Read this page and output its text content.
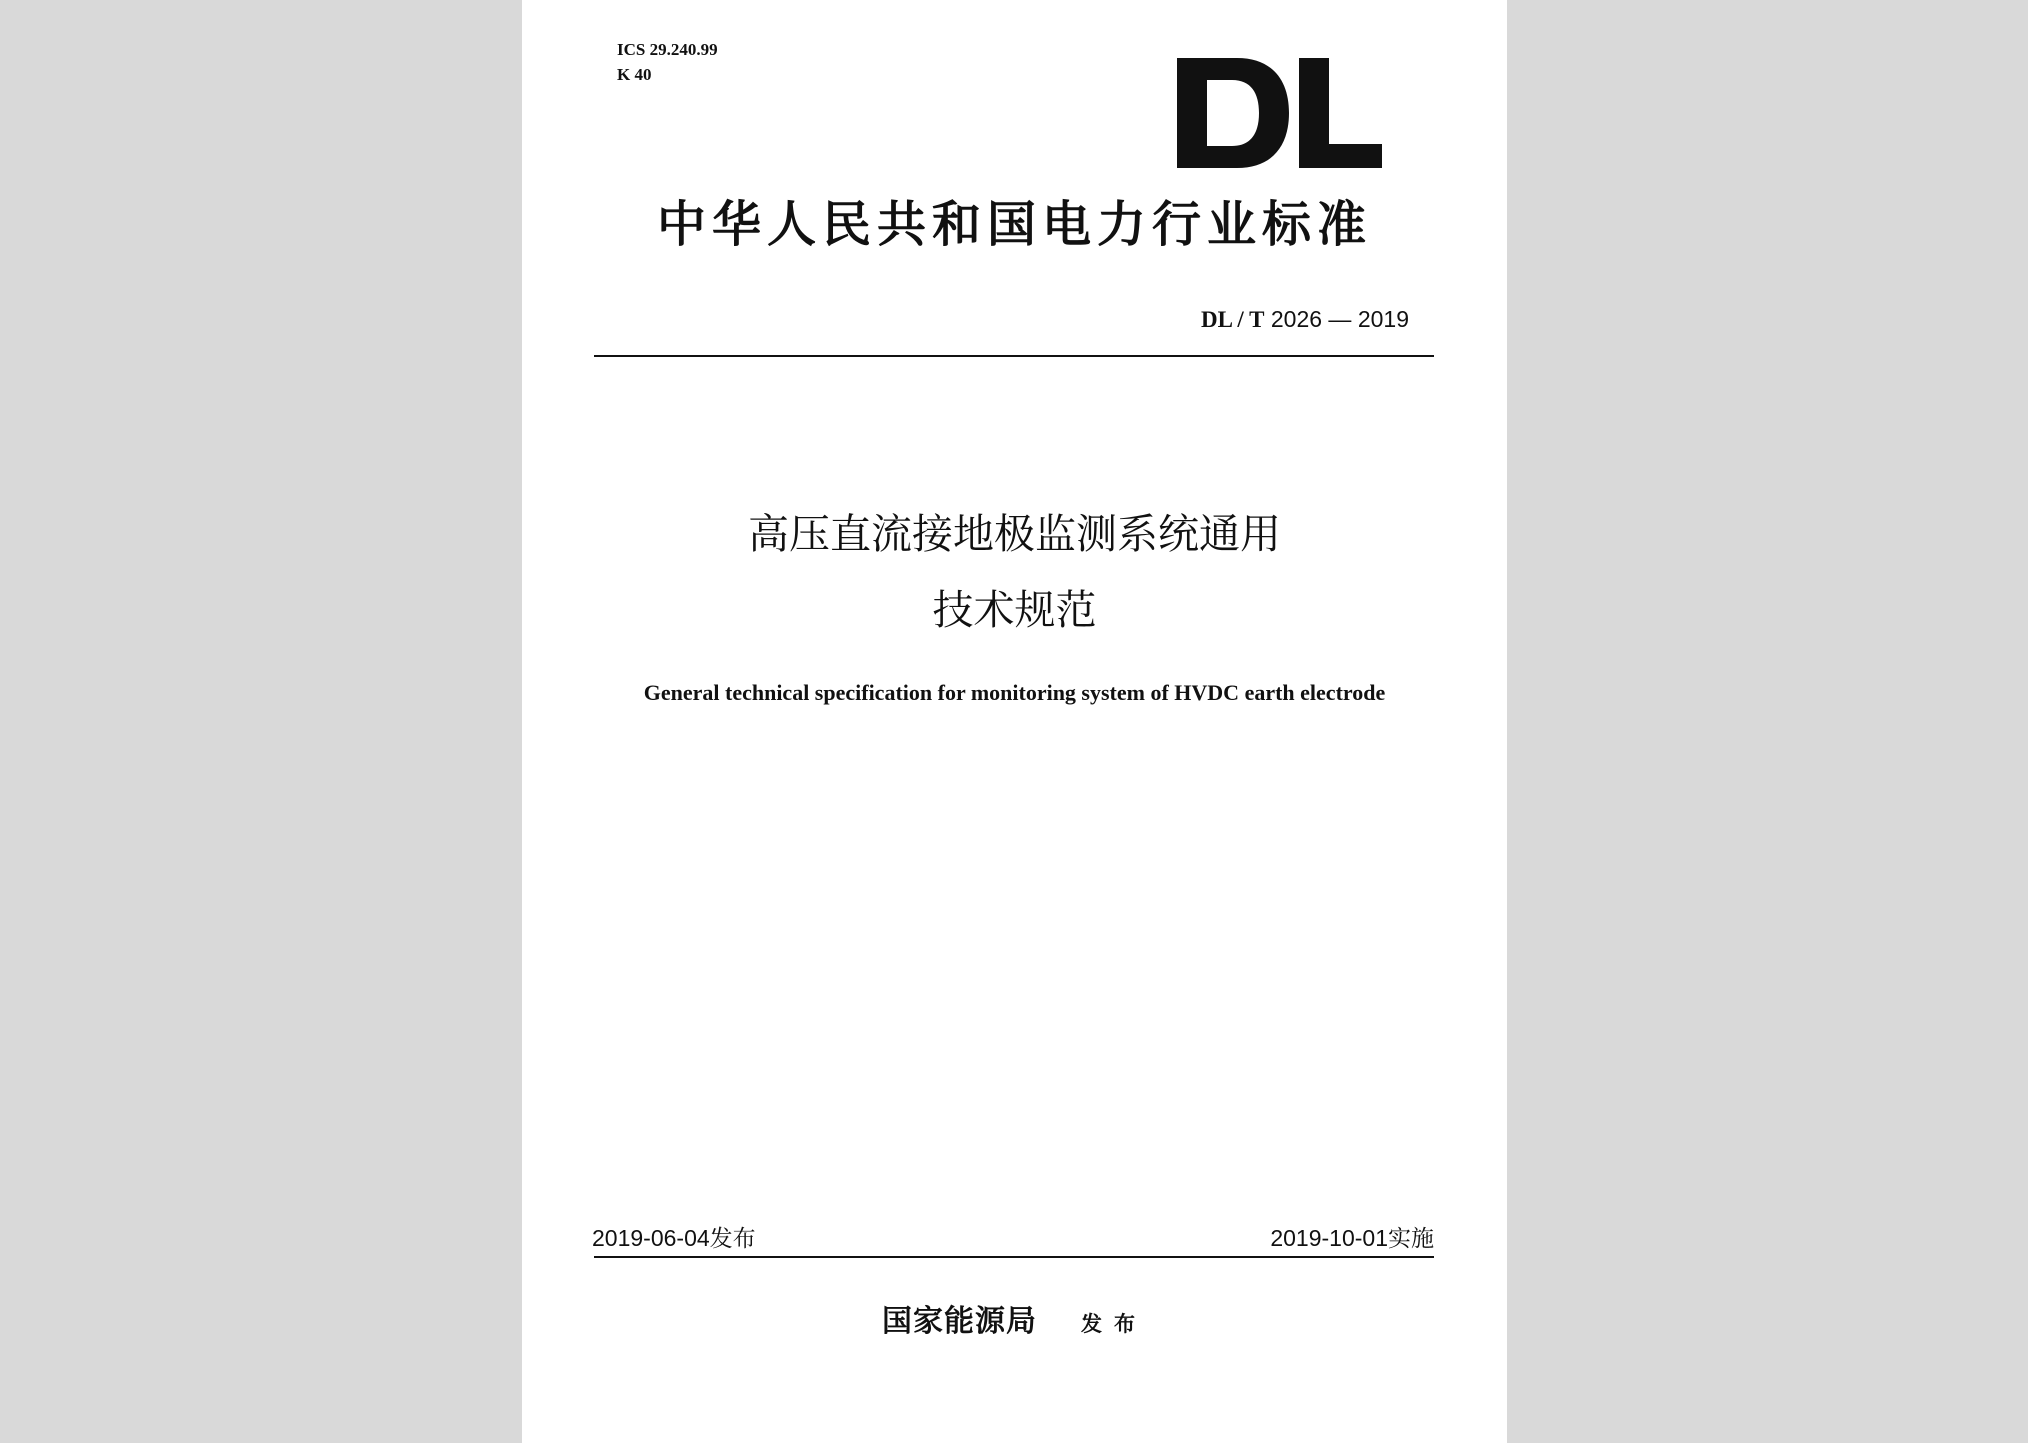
ICS 29.240.99
K 40
中华人民共和国电力行业标准
DL / T 2026 — 2019
高压直流接地极监测系统通用
技术规范
General technical specification for monitoring system of HVDC earth electrode
2019-06-04发布	2019-10-01实施
国家能源局 发布
